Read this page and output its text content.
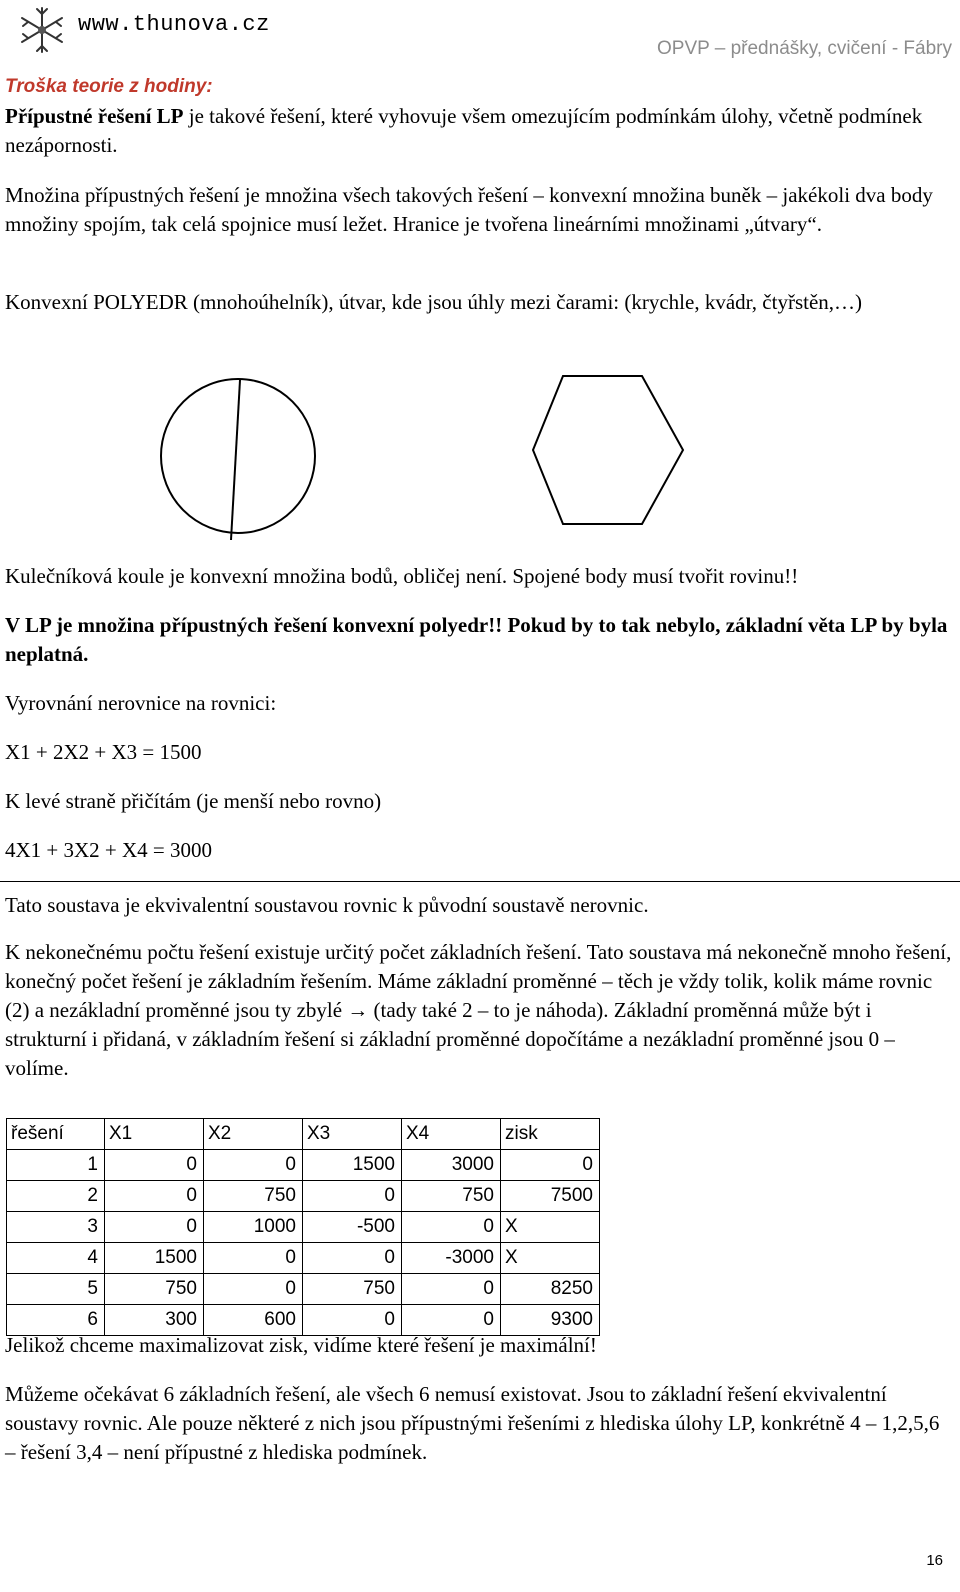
www.thunova.cz
OPVP – přednášky, cvičení - Fábry
Troška teorie z hodiny:
Přípustné řešení LP je takové řešení, které vyhovuje všem omezujícím podmínkám úlohy, včetně podmínek nezápornosti.
Množina přípustných řešení je množina všech takových řešení – konvexní množina buněk – jakékoli dva body množiny spojím, tak celá spojnice musí ležet. Hranice je tvořena lineárními množinami „útvary“.
Konvexní POLYEDR (mnohoúhelník), útvar, kde jsou úhly mezi čarami: (krychle, kvádr, čtyřstěn,…)
Kulečníková koule je konvexní množina bodů, obličej není. Spojené body musí tvořit rovinu!!
V LP je množina přípustných řešení konvexní polyedr!! Pokud by to tak nebylo, základní věta LP by byla neplatná.
Vyrovnání nerovnice na rovnici:
X1 + 2X2 + X3 = 1500
K levé straně přičítám (je menší nebo rovno)
4X1 + 3X2 + X4 = 3000
Tato soustava je ekvivalentní soustavou rovnic k původní soustavě nerovnic.
K nekonečnému počtu řešení existuje určitý počet základních řešení. Tato soustava má nekonečně mnoho řešení, konečný počet řešení je základním řešením. Máme základní proměnné – těch je vždy tolik, kolik máme rovnic (2) a nezákladní proměnné jsou ty zbylé → (tady také 2 – to je náhoda). Základní proměnná může být i strukturní i přidaná, v základním řešení si základní proměnné dopočítáme a nezákladní proměnné jsou 0 – volíme.
řešení	X1	X2	X3	X4	zisk
1	0	0	1500	3000	0
2	0	750	0	750	7500
3	0	1000	-500	0	X
4	1500	0	0	-3000	X
5	750	0	750	0	8250
6	300	600	0	0	9300
Jelikož chceme maximalizovat zisk, vidíme které řešení je maximální!
Můžeme očekávat 6 základních řešení, ale všech 6 nemusí existovat. Jsou to základní řešení ekvivalentní soustavy rovnic. Ale pouze některé z nich jsou přípustnými řešeními z hlediska úlohy LP, konkrétně 4 – 1,2,5,6 – řešení 3,4 – není přípustné z hlediska podmínek.
16
